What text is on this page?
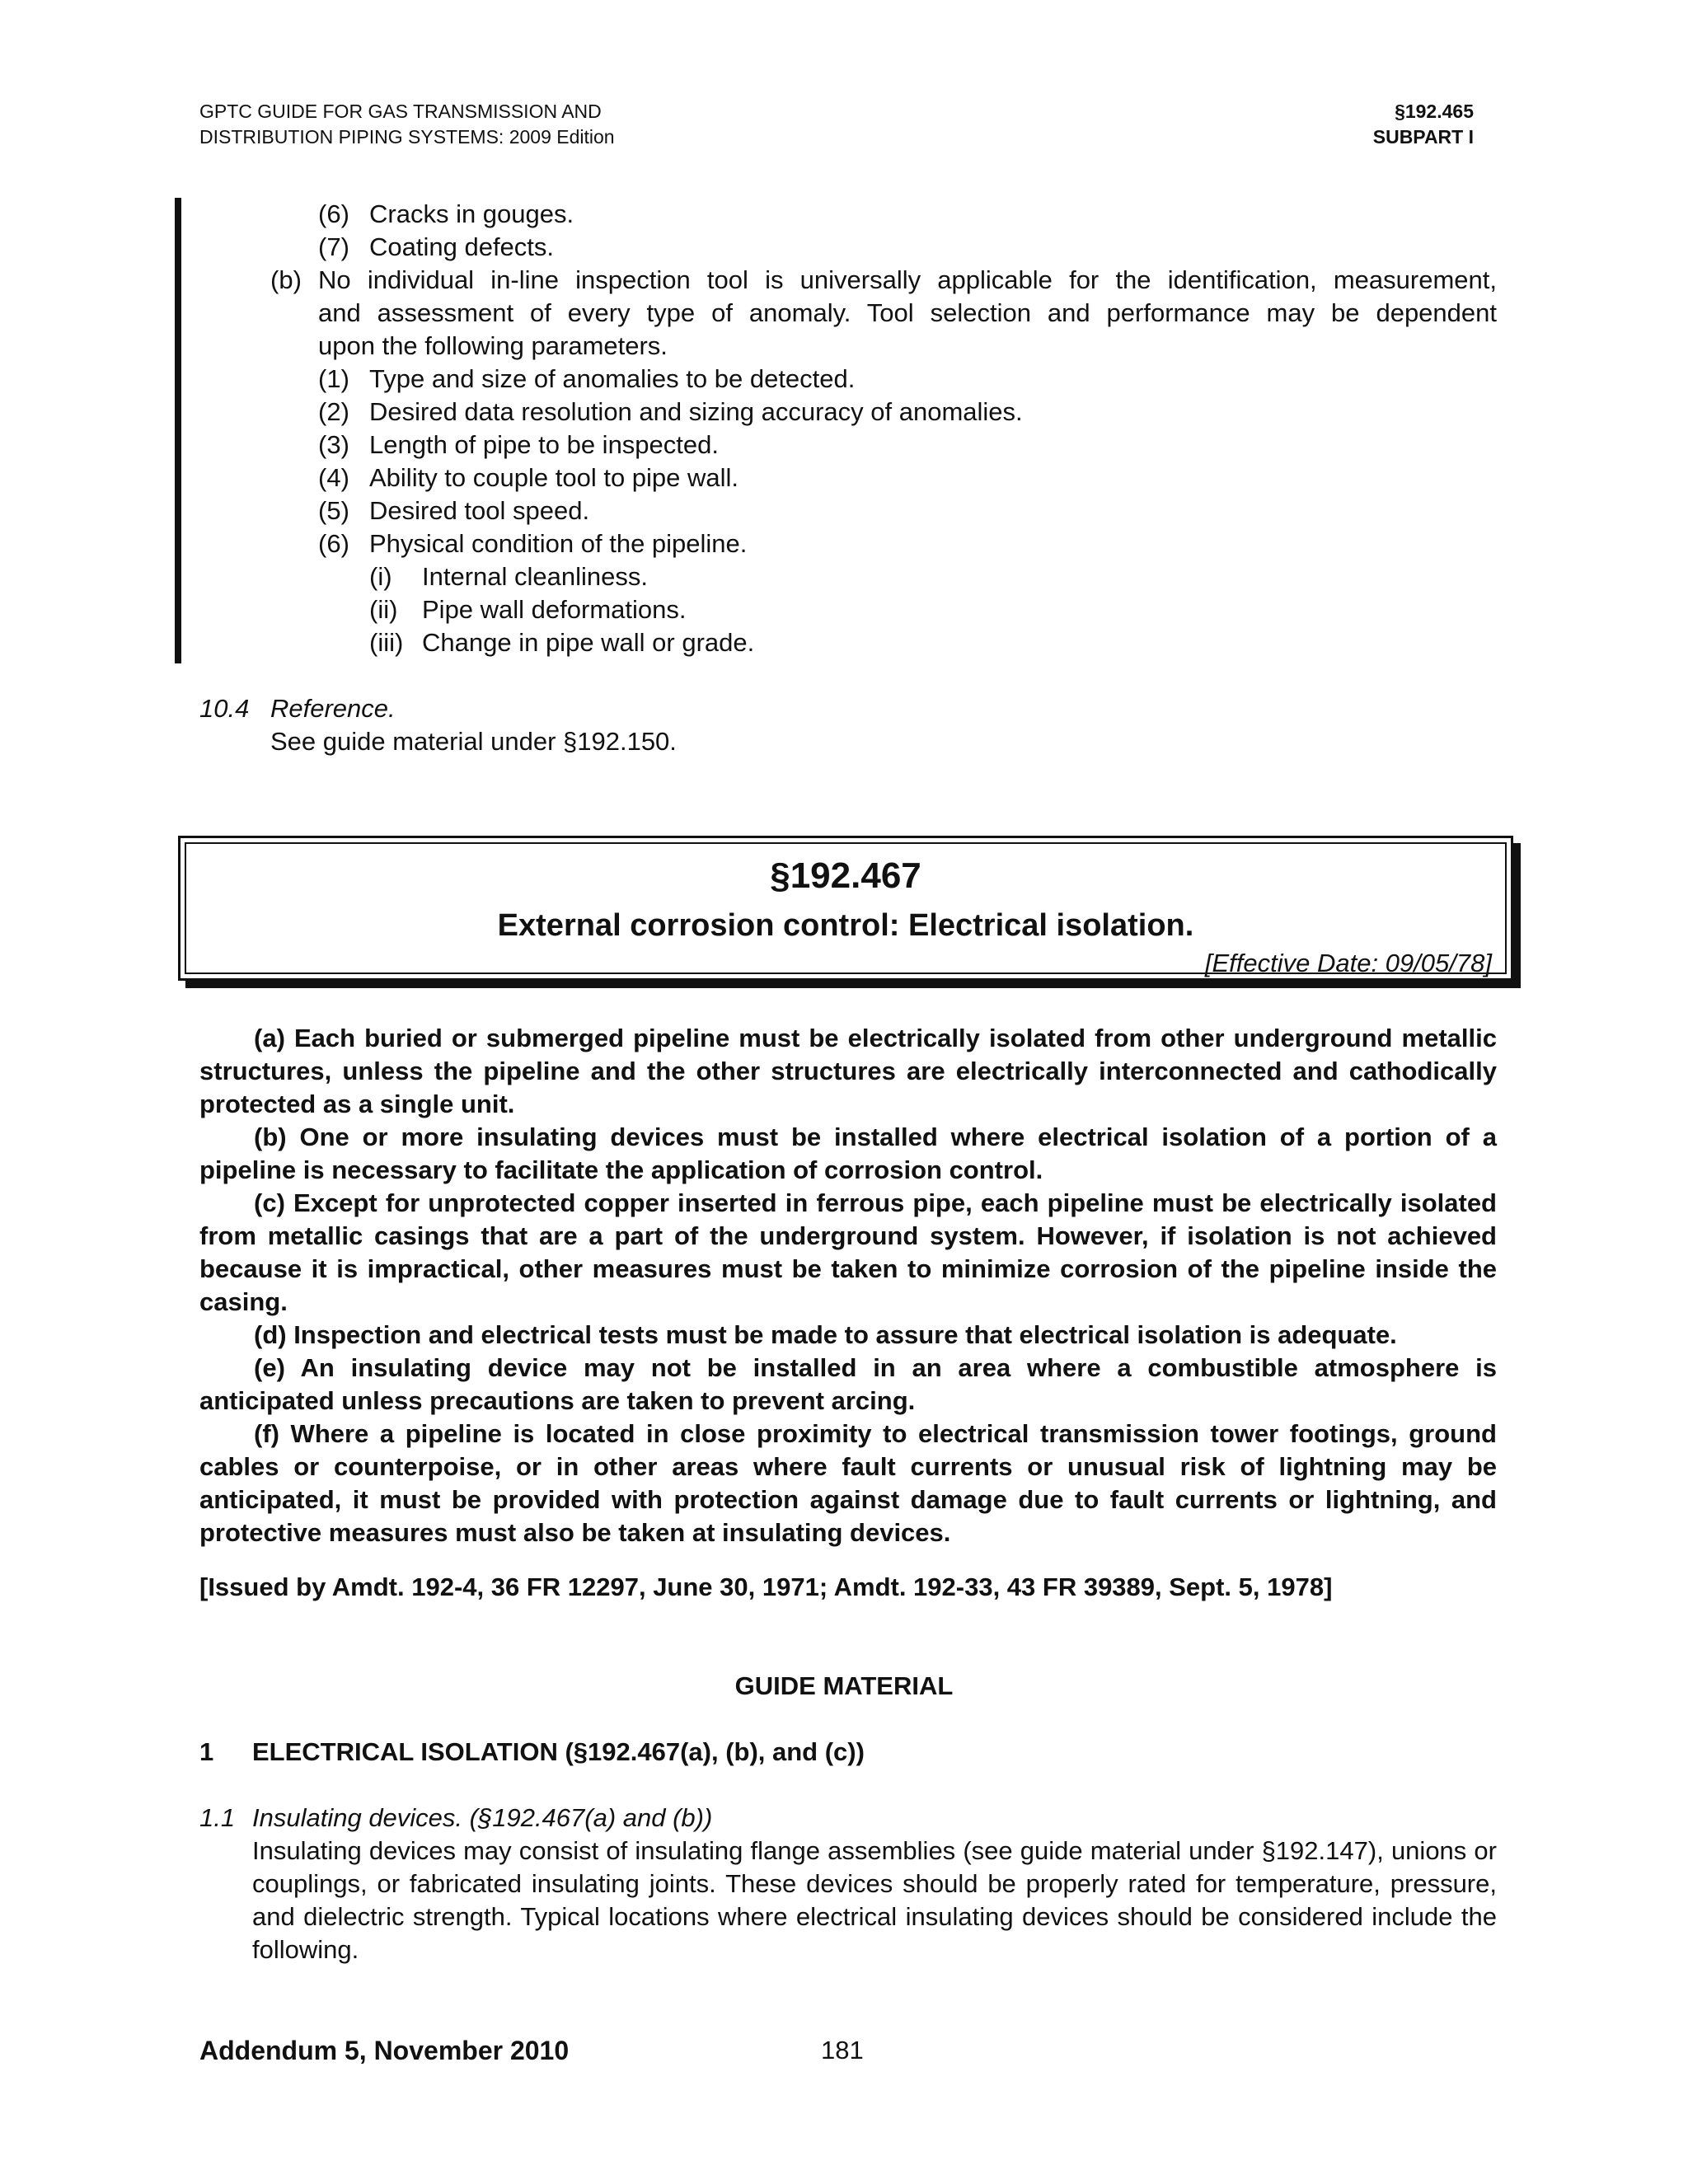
GPTC GUIDE FOR GAS TRANSMISSION AND
DISTRIBUTION PIPING SYSTEMS: 2009 Edition
§192.465
SUBPART I
(6) Cracks in gouges.
(7) Coating defects.
(b) No individual in-line inspection tool is universally applicable for the identification, measurement,
and assessment of every type of anomaly. Tool selection and performance may be dependent
upon the following parameters.
(1) Type and size of anomalies to be detected.
(2) Desired data resolution and sizing accuracy of anomalies.
(3) Length of pipe to be inspected.
(4) Ability to couple tool to pipe wall.
(5) Desired tool speed.
(6) Physical condition of the pipeline.
(i) Internal cleanliness.
(ii) Pipe wall deformations.
(iii) Change in pipe wall or grade.
10.4 Reference.
See guide material under §192.150.
§192.467
External corrosion control: Electrical isolation.
[Effective Date: 09/05/78]
(a) Each buried or submerged pipeline must be electrically isolated from other underground metallic structures, unless the pipeline and the other structures are electrically interconnected and cathodically protected as a single unit.
(b) One or more insulating devices must be installed where electrical isolation of a portion of a pipeline is necessary to facilitate the application of corrosion control.
(c) Except for unprotected copper inserted in ferrous pipe, each pipeline must be electrically isolated from metallic casings that are a part of the underground system. However, if isolation is not achieved because it is impractical, other measures must be taken to minimize corrosion of the pipeline inside the casing.
(d) Inspection and electrical tests must be made to assure that electrical isolation is adequate.
(e) An insulating device may not be installed in an area where a combustible atmosphere is anticipated unless precautions are taken to prevent arcing.
(f) Where a pipeline is located in close proximity to electrical transmission tower footings, ground cables or counterpoise, or in other areas where fault currents or unusual risk of lightning may be anticipated, it must be provided with protection against damage due to fault currents or lightning, and protective measures must also be taken at insulating devices.
[Issued by Amdt. 192-4, 36 FR 12297, June 30, 1971; Amdt. 192-33, 43 FR 39389, Sept. 5, 1978]
GUIDE MATERIAL
1 ELECTRICAL ISOLATION (§192.467(a), (b), and (c))
1.1 Insulating devices. (§192.467(a) and (b))
Insulating devices may consist of insulating flange assemblies (see guide material under §192.147), unions or couplings, or fabricated insulating joints. These devices should be properly rated for temperature, pressure, and dielectric strength. Typical locations where electrical insulating devices should be considered include the following.
Addendum 5, November 2010	181
